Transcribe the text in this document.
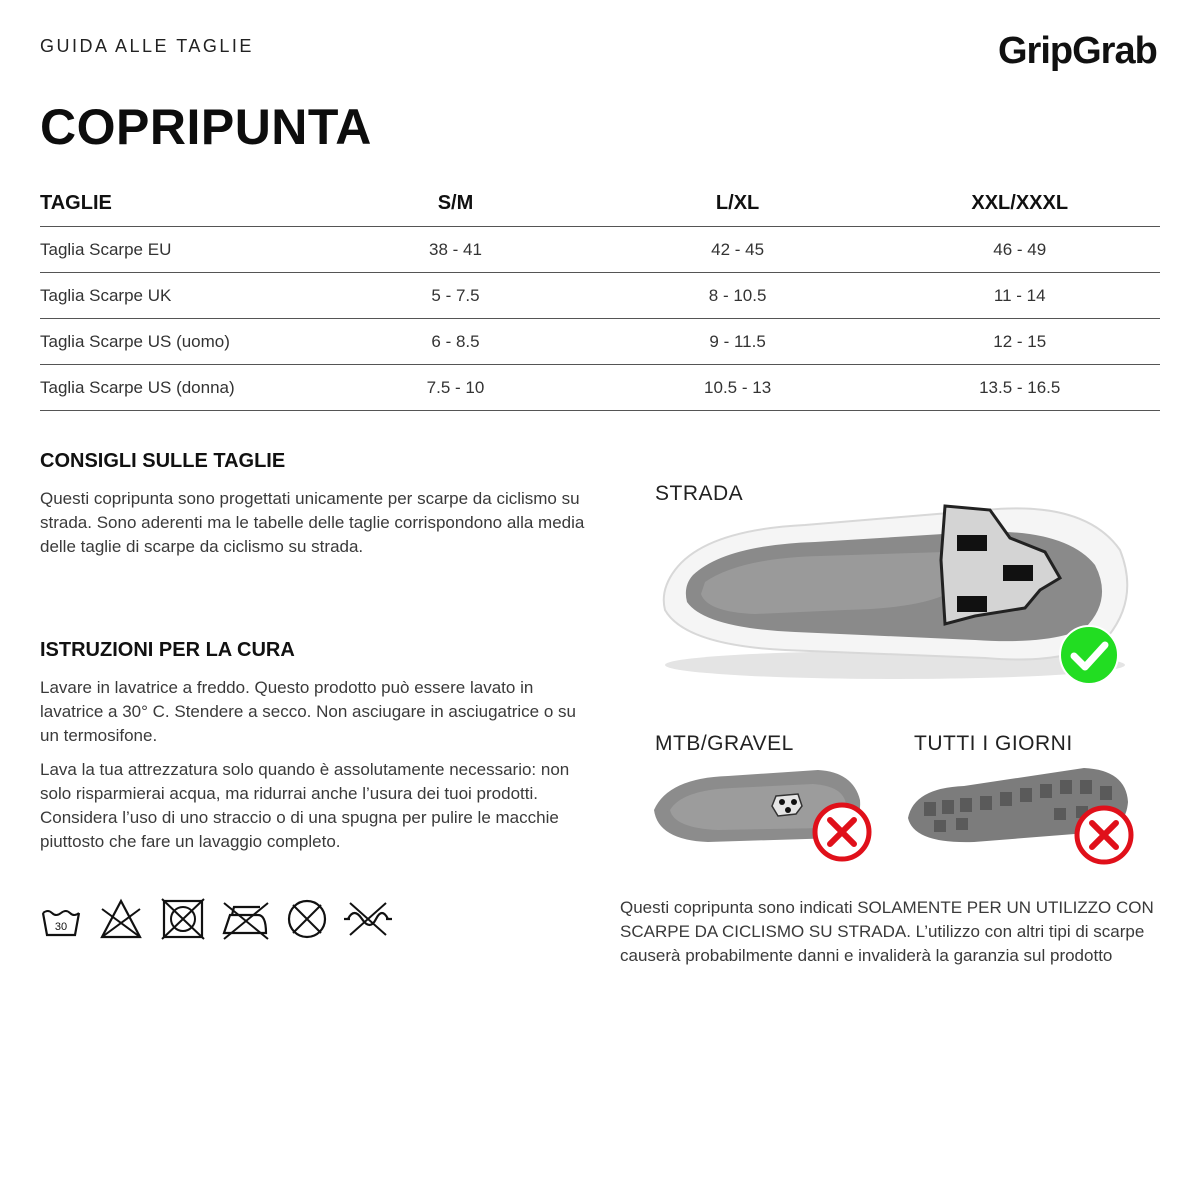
GUIDA ALLE TAGLIE	GripGrab
COPRIPUNTA
TAGLIE	S/M	L/XL	XXL/XXXL
Taglia Scarpe EU	38 - 41	42 - 45	46 - 49
Taglia Scarpe UK	5 - 7.5	8 - 10.5	11 - 14
Taglia Scarpe US (uomo)	6 - 8.5	9 - 11.5	12 - 15
Taglia Scarpe US (donna)	7.5 - 10	10.5 - 13	13.5 - 16.5
CONSIGLI SULLE TAGLIE
Questi copripunta sono progettati unicamente per scarpe da ciclismo su strada. Sono aderenti ma le tabelle delle taglie corrispondono alla media delle taglie di scarpe da ciclismo su strada.
ISTRUZIONI PER LA CURA
Lavare in lavatrice a freddo. Questo prodotto può essere lavato in lavatrice a 30° C. Stendere a secco. Non asciugare in asciugatrice o su un termosifone.
Lava la tua attrezzatura solo quando è assolutamente necessario: non solo risparmierai acqua, ma ridurrai anche l’usura dei tuoi prodotti. Considera l’uso di uno straccio o di una spugna per pulire le macchie piuttosto che fare un lavaggio completo.
30
STRADA
MTB/GRAVEL	TUTTI I GIORNI
Questi copripunta sono indicati SOLAMENTE PER UN UTILIZZO CON SCARPE DA CICLISMO SU STRADA. L’utilizzo con altri tipi di scarpe causerà probabilmente danni e invaliderà la garanzia sul prodotto
